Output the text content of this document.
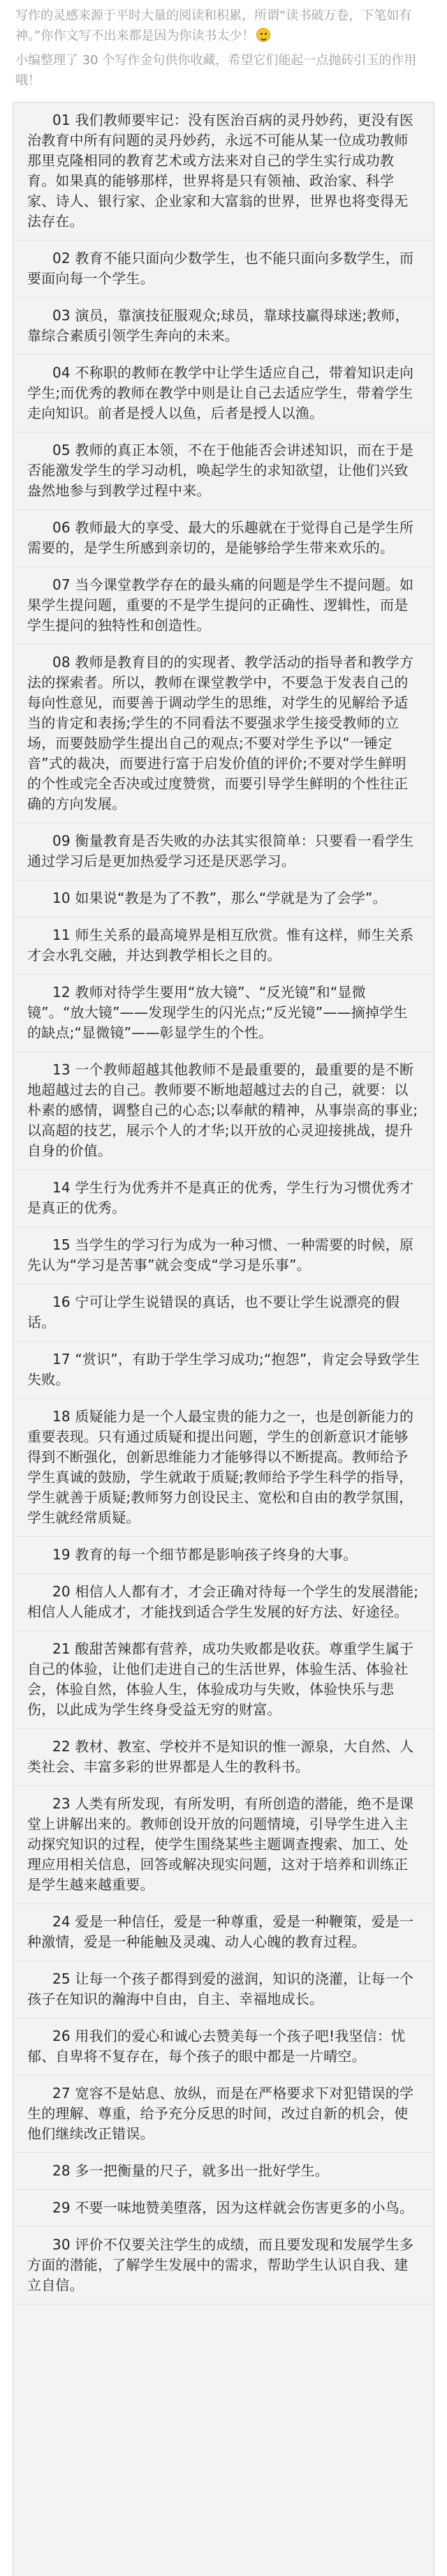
写作的灵感来源于平时大量的阅读和积累，所谓“读书破万卷，下笔如有神。”你作文写不出来都是因为你读书太少！

小编整理了 30 个写作金句供你收藏，希望它们能起一点抛砖引玉的作用哦！

01 我们教师要牢记：没有医治百病的灵丹妙药，更没有医治教育中所有问题的灵丹妙药，永远不可能从某一位成功教师那里克隆相同的教育艺术或方法来对自己的学生实行成功教育。如果真的能够那样，世界将是只有领袖、政治家、科学家、诗人、银行家、企业家和大富翁的世界，世界也将变得无法存在。
02 教育不能只面向少数学生，也不能只面向多数学生，而要面向每一个学生。
03 演员，靠演技征服观众;球员，靠球技赢得球迷;教师，靠综合素质引领学生奔向的未来。
04 不称职的教师在教学中让学生适应自己，带着知识走向学生;而优秀的教师在教学中则是让自己去适应学生，带着学生走向知识。前者是授人以鱼，后者是授人以渔。
05 教师的真正本领，不在于他能否会讲述知识，而在于是否能激发学生的学习动机，唤起学生的求知欲望，让他们兴致盎然地参与到教学过程中来。
06 教师最大的享受、最大的乐趣就在于觉得自己是学生所需要的，是学生所感到亲切的，是能够给学生带来欢乐的。
07 当今课堂教学存在的最头痛的问题是学生不提问题。如果学生提问题，重要的不是学生提问的正确性、逻辑性，而是学生提问的独特性和创造性。
08 教师是教育目的的实现者、教学活动的指导者和教学方法的探索者。所以，教师在课堂教学中，不要急于发表自己的每向性意见，而要善于调动学生的思维，对学生的见解给予适当的肯定和表扬;学生的不同看法不要强求学生接受教师的立场，而要鼓励学生提出自己的观点;不要对学生予以“一锤定音”式的裁决，而要进行富于启发价值的评价;不要对学生鲜明的个性或完全否决或过度赞赏，而要引导学生鲜明的个性往正确的方向发展。
09 衡量教育是否失败的办法其实很简单：只要看一看学生通过学习后是更加热爱学习还是厌恶学习。
10 如果说“教是为了不教”，那么“学就是为了会学”。
11 师生关系的最高境界是相互欣赏。惟有这样，师生关系才会水乳交融，并达到教学相长之目的。
12 教师对待学生要用“放大镜”、“反光镜”和“显微镜”。“放大镜”——发现学生的闪光点;“反光镜”——摘掉学生的缺点;“显微镜”——彰显学生的个性。
13 一个教师超越其他教师不是最重要的，最重要的是不断地超越过去的自己。教师要不断地超越过去的自己，就要：以朴素的感情，调整自己的心态;以奉献的精神，从事崇高的事业;以高超的技艺，展示个人的才华;以开放的心灵迎接挑战，提升自身的价值。
14 学生行为优秀并不是真正的优秀，学生行为习惯优秀才是真正的优秀。
15 当学生的学习行为成为一种习惯、一种需要的时候，原先认为“学习是苦事”就会变成“学习是乐事”。
16 宁可让学生说错误的真话，也不要让学生说漂亮的假话。
17 “赏识”，有助于学生学习成功;“抱怨”，肯定会导致学生失败。
18 质疑能力是一个人最宝贵的能力之一，也是创新能力的重要表现。只有通过质疑和提出问题，学生的创新意识才能够得到不断强化，创新思维能力才能够得以不断提高。教师给予学生真诚的鼓励，学生就敢于质疑;教师给予学生科学的指导，学生就善于质疑;教师努力创设民主、宽松和自由的教学氛围，学生就经常质疑。
19 教育的每一个细节都是影响孩子终身的大事。
20 相信人人都有才，才会正确对待每一个学生的发展潜能;相信人人能成才，才能找到适合学生发展的好方法、好途径。
21 酸甜苦辣都有营养，成功失败都是收获。尊重学生属于自己的体验，让他们走进自己的生活世界，体验生活、体验社会，体验自然，体验人生，体验成功与失败，体验快乐与悲伤，以此成为学生终身受益无穷的财富。
22 教材、教室、学校并不是知识的惟一源泉，大自然、人类社会、丰富多彩的世界都是人生的教科书。
23 人类有所发现，有所发明，有所创造的潜能，绝不是课堂上讲解出来的。教师创设开放的问题情境，引导学生进入主动探究知识的过程，使学生围绕某些主题调查搜索、加工、处理应用相关信息，回答或解决现实问题，这对于培养和训练正是学生越来越重要。
24 爱是一种信任，爱是一种尊重，爱是一种鞭策，爱是一种激情，爱是一种能触及灵魂、动人心魄的教育过程。
25 让每一个孩子都得到爱的滋润，知识的浇灌，让每一个孩子在知识的瀚海中自由，自主、幸福地成长。
26 用我们的爱心和诚心去赞美每一个孩子吧!我坚信：忧郁、自卑将不复存在，每个孩子的眼中都是一片晴空。
27 宽容不是姑息、放纵，而是在严格要求下对犯错误的学生的理解、尊重，给予充分反思的时间，改过自新的机会，使他们继续改正错误。
28 多一把衡量的尺子，就多出一批好学生。
29 不要一味地赞美堕落，因为这样就会伤害更多的小鸟。
30 评价不仅要关注学生的成绩，而且要发现和发展学生多方面的潜能，了解学生发展中的需求，帮助学生认识自我、建立自信。
